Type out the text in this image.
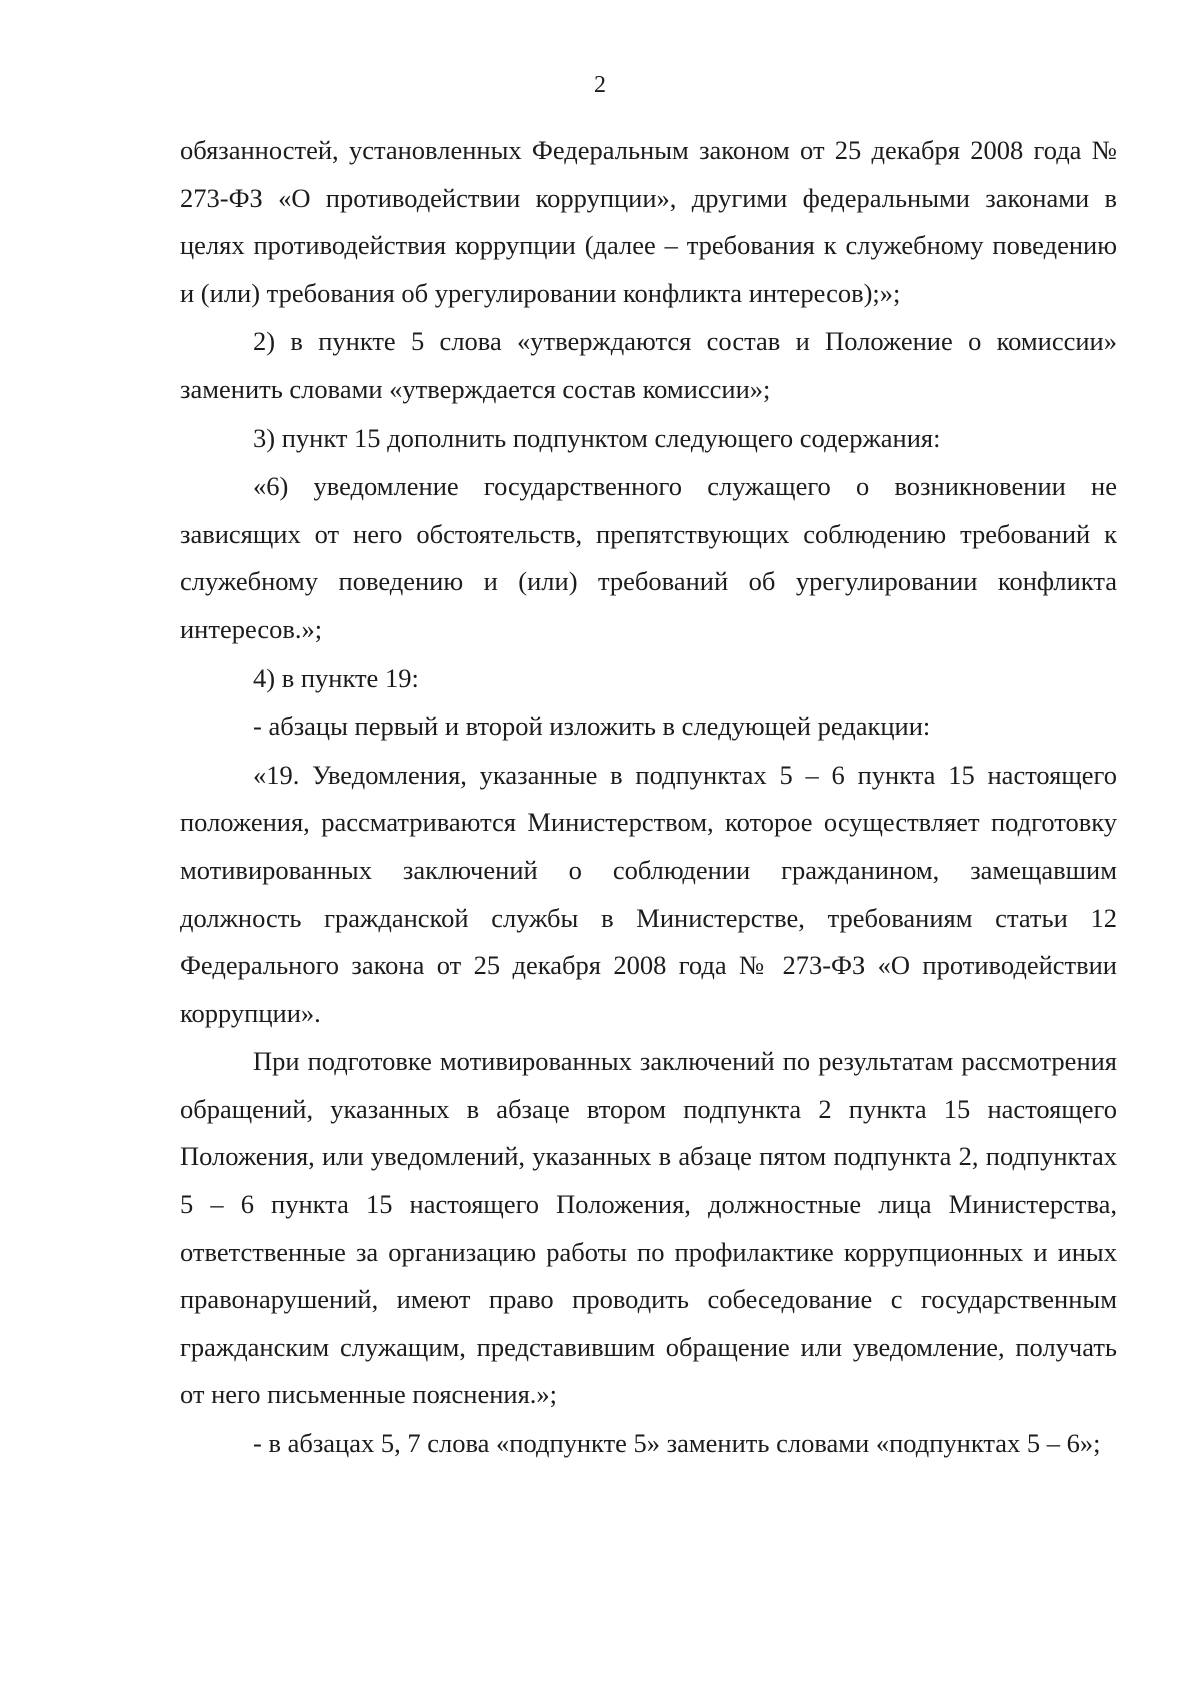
2

обязанностей, установленных Федеральным законом от 25 декабря 2008 года № 273-ФЗ «О противодействии коррупции», другими федеральными законами в целях противодействия коррупции (далее – требования к служебному поведению и (или) требования об урегулировании конфликта интересов);»;

2) в пункте 5 слова «утверждаются состав и Положение о комиссии» заменить словами «утверждается состав комиссии»;

3) пункт 15 дополнить подпунктом следующего содержания:

«6) уведомление государственного служащего о возникновении не зависящих от него обстоятельств, препятствующих соблюдению требований к служебному поведению и (или) требований об урегулировании конфликта интересов.»;

4) в пункте 19:

- абзацы первый и второй изложить в следующей редакции:

«19. Уведомления, указанные в подпунктах 5 – 6 пункта 15 настоящего положения, рассматриваются Министерством, которое осуществляет подготовку мотивированных заключений о соблюдении гражданином, замещавшим должность гражданской службы в Министерстве, требованиям статьи 12 Федерального закона от 25 декабря 2008 года № 273-ФЗ «О противодействии коррупции».

При подготовке мотивированных заключений по результатам рассмотрения обращений, указанных в абзаце втором подпункта 2 пункта 15 настоящего Положения, или уведомлений, указанных в абзаце пятом подпункта 2, подпунктах 5 – 6 пункта 15 настоящего Положения, должностные лица Министерства, ответственные за организацию работы по профилактике коррупционных и иных правонарушений, имеют право проводить собеседование с государственным гражданским служащим, представившим обращение или уведомление, получать от него письменные пояснения.»;

- в абзацах 5, 7 слова «подпункте 5» заменить словами «подпунктах 5 – 6»;
